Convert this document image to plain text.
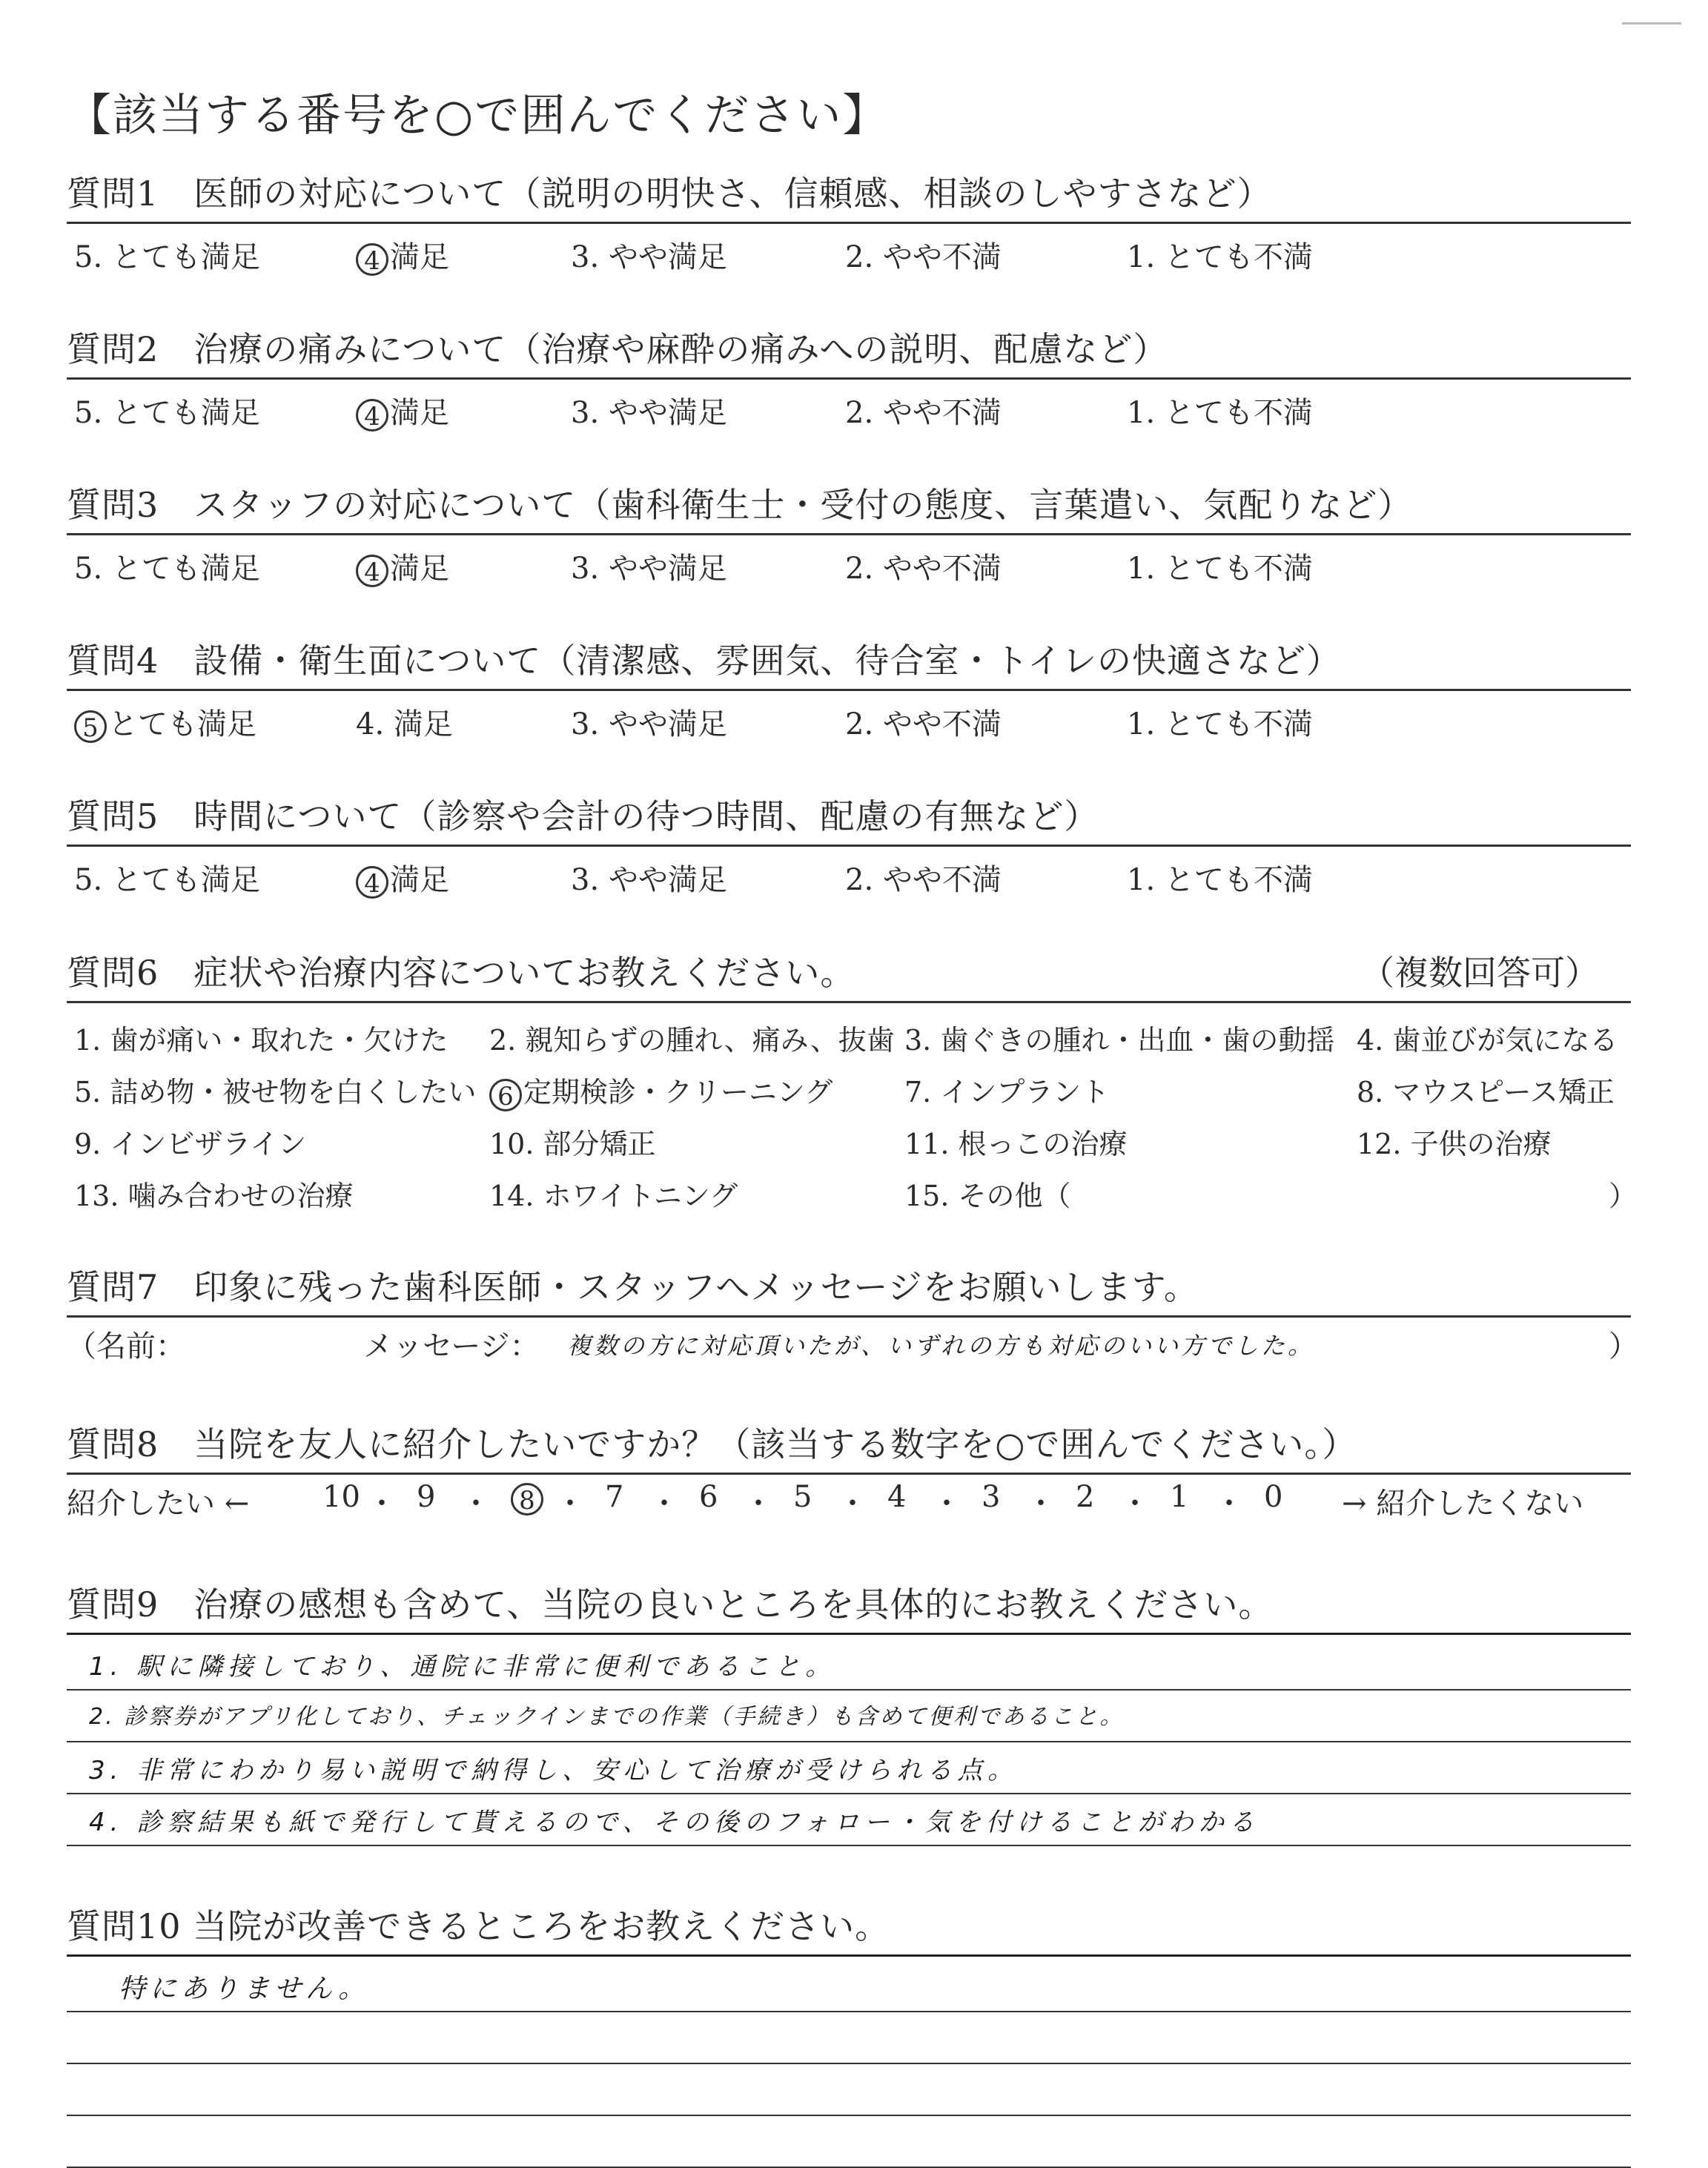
【該当する番号を○で囲んでください】
質問1　医師の対応について（説明の明快さ、信頼感、相談のしやすさなど）
5. とても満足	4 満足	3. やや満足	2. やや不満	1. とても不満
質問2　治療の痛みについて（治療や麻酔の痛みへの説明、配慮など）
5. とても満足	4 満足	3. やや満足	2. やや不満	1. とても不満
質問3　スタッフの対応について（歯科衛生士・受付の態度、言葉遣い、気配りなど）
5. とても満足	4 満足	3. やや満足	2. やや不満	1. とても不満
質問4　設備・衛生面について（清潔感、雰囲気、待合室・トイレの快適さなど）
5 とても満足	4. 満足	3. やや満足	2. やや不満	1. とても不満
質問5　時間について（診察や会計の待つ時間、配慮の有無など）
5. とても満足	4 満足	3. やや満足	2. やや不満	1. とても不満
質問6　症状や治療内容についてお教えください。	（複数回答可）
1. 歯が痛い・取れた・欠けた 2. 親知らずの腫れ、痛み、抜歯 3. 歯ぐきの腫れ・出血・歯の動揺 4. 歯並びが気になる
5. 詰め物・被せ物を白くしたい 6 定期検診・クリーニング	7. インプラント	8. マウスピース矯正
9. インビザライン	10. 部分矯正	11. 根っこの治療	12. 子供の治療
13. 噛み合わせの治療	14. ホワイトニング	15. その他（	）
質問7　印象に残った歯科医師・スタッフへメッセージをお願いします。
（名前：	メッセージ： 複数の方に対応頂いたが、いずれの方も対応のいい方でした。	）
質問8　当院を友人に紹介したいですか？（該当する数字を○で囲んでください。）
紹介したい ← 10 ・ 9 ・	8 ・ 7 ・ 6 ・ 5 ・ 4 ・ 3 ・ 2 ・ 1 ・ 0 → 紹介したくない
質問9　治療の感想も含めて、当院の良いところを具体的にお教えください。
1. 駅に隣接しており、通院に非常に便利であること。
2. 診察券がアプリ化しており、チェックインまでの作業（手続き）も含めて便利であること。
3. 非常にわかり易い説明で納得し、安心して治療が受けられる点。
4. 診察結果も紙で発行して貰えるので、その後のフォロー・気を付けることがわかる
質問10 当院が改善できるところをお教えください。
特にありません。
